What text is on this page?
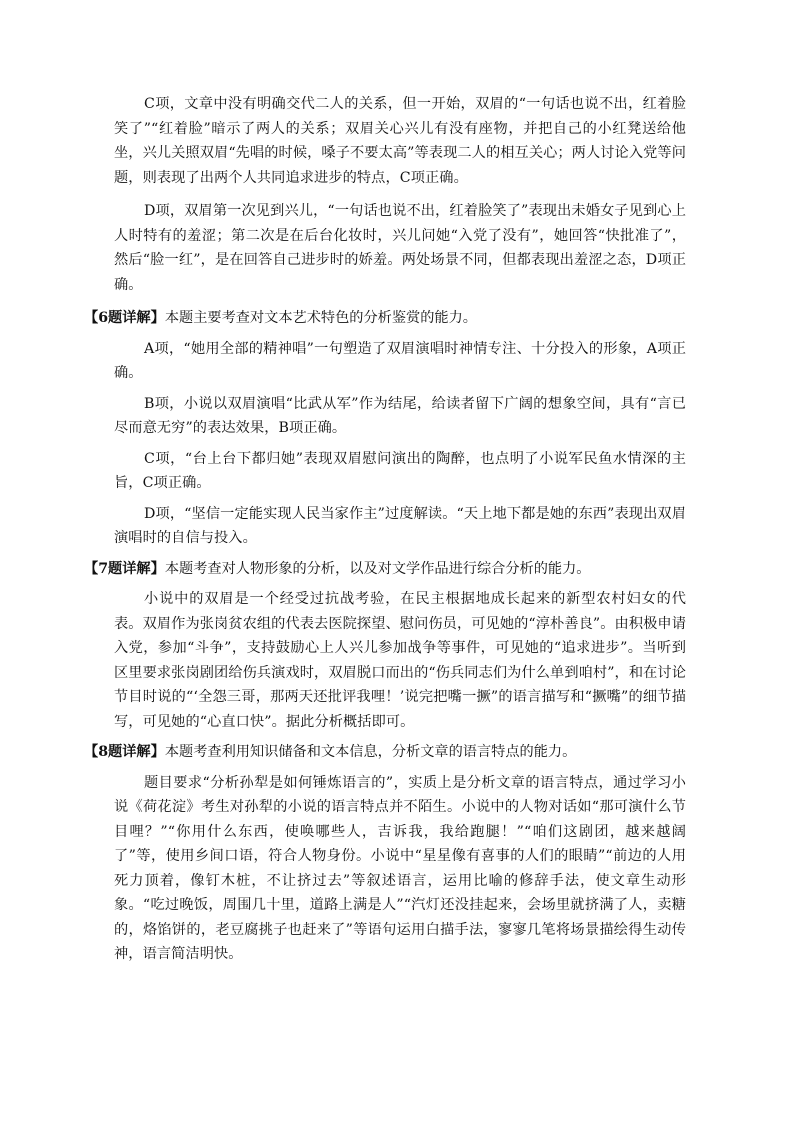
C项，文章中没有明确交代二人的关系，但一开始，双眉的“一句话也说不出，红着脸笑了”“红着脸”暗示了两人的关系；双眉关心兴儿有没有座物，并把自己的小红凳送给他坐，兴儿关照双眉“先唱的时候，嗓子不要太高”等表现二人的相互关心；两人讨论入党等问题，则表现了出两个人共同追求进步的特点，C项正确。

D项，双眉第一次见到兴儿，“一句话也说不出，红着脸笑了”表现出未婚女子见到心上人时特有的羞涩；第二次是在后台化妆时，兴儿问她“入党了没有”，她回答“快批准了”，然后“脸一红”，是在回答自己进步时的娇羞。两处场景不同，但都表现出羞涩之态，D项正确。

【6题详解】本题主要考查对文本艺术特色的分析鉴赏的能力。

A项，“她用全部的精神唱”一句塑造了双眉演唱时神情专注、十分投入的形象，A项正确。

B项，小说以双眉演唱“比武从军”作为结尾，给读者留下广阔的想象空间，具有“言已尽而意无穷”的表达效果，B项正确。

C项，“台上台下都归她”表现双眉慰问演出的陶醉，也点明了小说军民鱼水情深的主旨，C项正确。

D项，“坚信一定能实现人民当家作主”过度解读。“天上地下都是她的东西”表现出双眉演唱时的自信与投入。

【7题详解】本题考查对人物形象的分析，以及对文学作品进行综合分析的能力。

小说中的双眉是一个经受过抗战考验，在民主根据地成长起来的新型农村妇女的代表。双眉作为张岗贫农组的代表去医院探望、慰问伤员，可见她的“淳朴善良”。由积极申请入党，参加“斗争”，支持鼓励心上人兴儿参加战争等事件，可见她的“追求进步”。当听到区里要求张岗剧团给伤兵演戏时，双眉脱口而出的“伤兵同志们为什么单到咱村”，和在讨论节目时说的“‘全怨三哥，那两天还批评我哩！’说完把嘴一撅”的语言描写和“撅嘴”的细节描写，可见她的“心直口快”。据此分析概括即可。

【8题详解】本题考查利用知识储备和文本信息，分析文章的语言特点的能力。

题目要求“分析孙犁是如何锤炼语言的”，实质上是分析文章的语言特点，通过学习小说《荷花淀》考生对孙犁的小说的语言特点并不陌生。小说中的人物对话如“那可演什么节目哩？”“你用什么东西，使唤哪些人，吉诉我，我给跑腿！”“咱们这剧团，越来越阔了”等，使用乡间口语，符合人物身份。小说中“星星像有喜事的人们的眼睛”“前边的人用死力顶着，像钉木桩，不让挤过去”等叙述语言，运用比喻的修辞手法，使文章生动形象。“吃过晚饭，周围几十里，道路上满是人”“汽灯还没挂起来，会场里就挤满了人，卖糖的，烙馅饼的，老豆腐挑子也赶来了”等语句运用白描手法，寥寥几笔将场景描绘得生动传神，语言简洁明快。
